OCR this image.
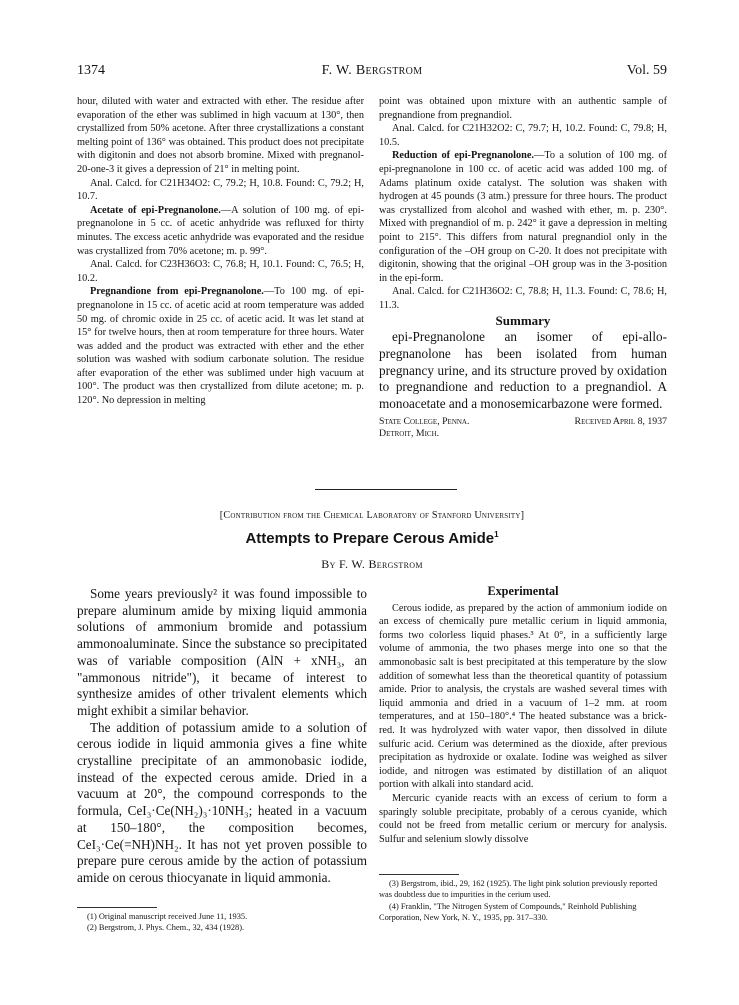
1374	F. W. Bergstrom	Vol. 59

hour, diluted with water and extracted with ether. The residue after evaporation of the ether was sublimed in high vacuum at 130°, then crystallized from 50% acetone. After three crystallizations a constant melting point of 136° was obtained. This product does not precipitate with digitonin and does not absorb bromine. Mixed with pregnanol-20-one-3 it gives a depression of 21° in melting point.

Anal. Calcd. for C21H34O2: C, 79.2; H, 10.8. Found: C, 79.2; H, 10.7.

Acetate of epi-Pregnanolone.—A solution of 100 mg. of epi-pregnanolone in 5 cc. of acetic anhydride was refluxed for thirty minutes. The excess acetic anhydride was evaporated and the residue was crystallized from 70% acetone; m. p. 99°.

Anal. Calcd. for C23H36O3: C, 76.8; H, 10.1. Found: C, 76.5; H, 10.2.

Pregnandione from epi-Pregnanolone.—To 100 mg. of epi-pregnanolone in 15 cc. of acetic acid at room temperature was added 50 mg. of chromic oxide in 25 cc. of acetic acid. It was let stand at 15° for twelve hours, then at room temperature for three hours. Water was added and the product was extracted with ether and the ether solution was washed with sodium carbonate solution. The residue after evaporation of the ether was sublimed under high vacuum at 100°. The product was then crystallized from dilute acetone; m. p. 120°. No depression in melting

point was obtained upon mixture with an authentic sample of pregnandione from pregnandiol.

Anal. Calcd. for C21H32O2: C, 79.7; H, 10.2. Found: C, 79.8; H, 10.5.

Reduction of epi-Pregnanolone.—To a solution of 100 mg. of epi-pregnanolone in 100 cc. of acetic acid was added 100 mg. of Adams platinum oxide catalyst. The solution was shaken with hydrogen at 45 pounds (3 atm.) pressure for three hours. The product was crystallized from alcohol and washed with ether, m. p. 230°. Mixed with pregnandiol of m. p. 242° it gave a depression in melting point to 215°. This differs from natural pregnandiol only in the configuration of the –OH group on C-20. It does not precipitate with digitonin, showing that the original –OH group was in the 3-position in the epi-form.

Anal. Calcd. for C21H36O2: C, 78.8; H, 11.3. Found: C, 78.6; H, 11.3.

Summary

epi-Pregnanolone an isomer of epi-allo-pregnanolone has been isolated from human pregnancy urine, and its structure proved by oxidation to pregnandione and reduction to a pregnandiol. A monoacetate and a monosemicarbazone were formed.

State College, Penna.
Detroit, Mich.
Received April 8, 1937
[Contribution from the Chemical Laboratory of Stanford University]
Attempts to Prepare Cerous Amide$^1$
By F. W. Bergstrom

Some years previously² it was found impossible to prepare aluminum amide by mixing liquid ammonia solutions of ammonium bromide and potassium ammonoaluminate. Since the substance so precipitated was of variable composition (AlN + xNH₃, an "ammonous nitride"), it became of interest to synthesize amides of other trivalent elements which might exhibit a similar behavior.

The addition of potassium amide to a solution of cerous iodide in liquid ammonia gives a fine white crystalline precipitate of an ammonobasic iodide, instead of the expected cerous amide. Dried in a vacuum at 20°, the compound corresponds to the formula, CeI₃·Ce(NH₂)₃·10NH₃; heated in a vacuum at 150–180°, the composition becomes, CeI₃·Ce(=NH)NH₂. It has not yet proven possible to prepare pure cerous amide by the action of potassium amide on cerous thiocyanate in liquid ammonia.

Experimental

Cerous iodide, as prepared by the action of ammonium iodide on an excess of chemically pure metallic cerium in liquid ammonia, forms two colorless liquid phases.³ At 0°, in a sufficiently large volume of ammonia, the two phases merge into one so that the ammonobasic salt is best precipitated at this temperature by the slow addition of somewhat less than the theoretical quantity of potassium amide. Prior to analysis, the crystals are washed several times with liquid ammonia and dried in a vacuum of 1–2 mm. at room temperatures, and at 150–180°.⁴ The heated substance was a brick-red. It was hydrolyzed with water vapor, then dissolved in dilute sulfuric acid. Cerium was determined as the dioxide, after previous precipitation as hydroxide or oxalate. Iodine was weighed as silver iodide, and nitrogen was estimated by distillation of an aliquot portion with alkali into standard acid.

Mercuric cyanide reacts with an excess of cerium to form a sparingly soluble precipitate, probably of a cerous cyanide, which could not be freed from metallic cerium or mercury for analysis. Sulfur and selenium slowly dissolve

(1) Original manuscript received June 11, 1935.

(2) Bergstrom, J. Phys. Chem., 32, 434 (1928).

(3) Bergstrom, ibid., 29, 162 (1925). The light pink solution previously reported was doubtless due to impurities in the cerium used.

(4) Franklin, "The Nitrogen System of Compounds," Reinhold Publishing Corporation, New York, N. Y., 1935, pp. 317–330.
